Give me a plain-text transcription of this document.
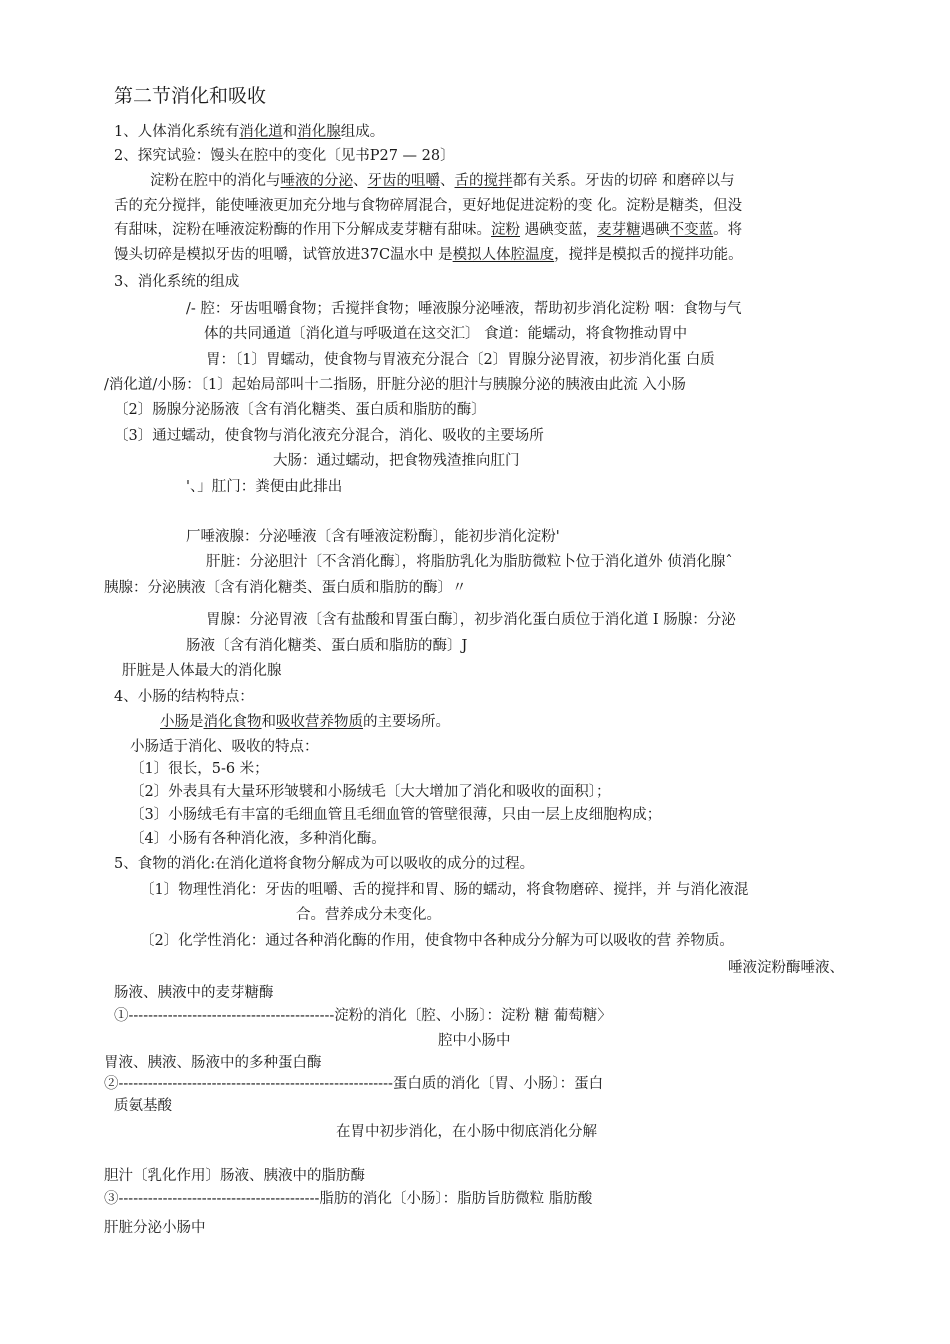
第二节消化和吸收
1、人体消化系统有消化道和消化腺组成。
2、探究试验：馒头在腔中的变化〔见书P27 — 28〕
淀粉在腔中的消化与唾液的分泌、牙齿的咀嚼、舌的搅拌都有关系。牙齿的切碎 和磨碎以与
舌的充分搅拌，能使唾液更加充分地与食物碎屑混合，更好地促进淀粉的变 化。淀粉是糖类，但没
有甜味，淀粉在唾液淀粉酶的作用下分解成麦芽糖有甜味。淀粉 遇碘变蓝，麦芽糖遇碘不变蓝。将
馒头切碎是模拟牙齿的咀嚼，试管放进37C温水中 是模拟人体腔温度，搅拌是模拟舌的搅拌功能。
3、消化系统的组成
/- 腔：牙齿咀嚼食物；舌搅拌食物；唾液腺分泌唾液，帮助初步消化淀粉 咽：食物与气
体的共同通道〔消化道与呼吸道在这交汇〕 食道：能蠕动，将食物推动胃中
胃：〔1〕胃蠕动，使食物与胃液充分混合〔2〕胃腺分泌胃液，初步消化蛋 白质
/消化道/小肠：〔1〕起始局部叫十二指肠，肝脏分泌的胆汁与胰腺分泌的胰液由此流 入小肠
〔2〕肠腺分泌肠液〔含有消化糖类、蛋白质和脂肪的酶〕
〔3〕通过蠕动，使食物与消化液充分混合，消化、吸收的主要场所
大肠：通过蠕动，把食物残渣推向肛门
'、」肛门：粪便由此排出
厂唾液腺：分泌唾液〔含有唾液淀粉酶〕，能初步消化淀粉'
肝脏：分泌胆汁〔不含消化酶〕，将脂肪乳化为脂肪微粒卜位于消化道外 侦消化腺ˆ
胰腺：分泌胰液〔含有消化糖类、蛋白质和脂肪的酶〕〃
胃腺：分泌胃液〔含有盐酸和胃蛋白酶〕，初步消化蛋白质位于消化道 I 肠腺：分泌
肠液〔含有消化糖类、蛋白质和脂肪的酶〕J
肝脏是人体最大的消化腺
4、小肠的结构特点：
小肠是消化食物和吸收营养物质的主要场所。
小肠适于消化、吸收的特点：
〔1〕很长，5-6 米；
〔2〕外表具有大量环形皱襞和小肠绒毛〔大大增加了消化和吸收的面积〕；
〔3〕小肠绒毛有丰富的毛细血管且毛细血管的管壁很薄，只由一层上皮细胞构成；
〔4〕小肠有各种消化液，多种消化酶。
5、食物的消化:在消化道将食物分解成为可以吸收的成分的过程。
〔1〕物理性消化：牙齿的咀嚼、舌的搅拌和胃、肠的蠕动，将食物磨碎、搅拌，并 与消化液混
合。营养成分未变化。
〔2〕化学性消化：通过各种消化酶的作用，使食物中各种成分分解为可以吸收的营 养物质。
唾液淀粉酶唾液、
肠液、胰液中的麦芽糖酶
①------------------------------------------淀粉的消化〔腔、小肠〕：淀粉 糖 葡萄糖〉
腔中小肠中
胃液、胰液、肠液中的多种蛋白酶
②--------------------------------------------------------蛋白质的消化〔胃、小肠〕：蛋白
质氨基酸
在胃中初步消化，在小肠中彻底消化分解
胆汁〔乳化作用〕肠液、胰液中的脂肪酶
③-----------------------------------------脂肪的消化〔小肠〕：脂肪旨肪微粒 脂肪酸
肝脏分泌小肠中
